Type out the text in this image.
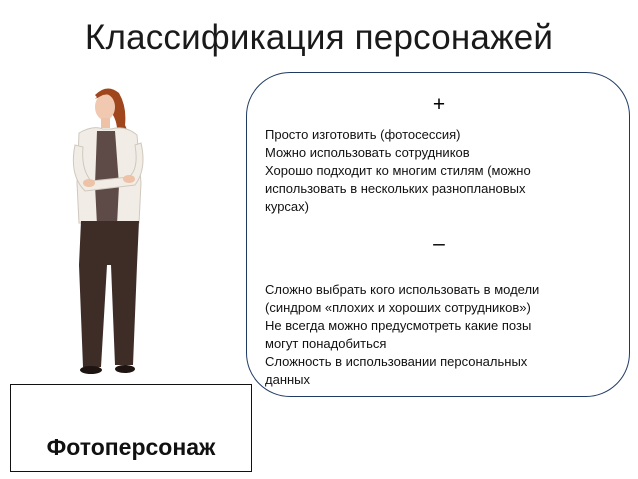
Классификация персонажей
+
Просто изготовить (фотосессия)
Можно использовать сотрудников
Хорошо подходит ко многим стилям (можно
использовать в нескольких разноплановых
курсах)
–
Сложно выбрать кого использовать в модели
(синдром «плохих и хороших сотрудников»)
Не всегда можно предусмотреть какие позы
могут понадобиться
Сложность в использовании персональных
данных
Фотоперсонаж
